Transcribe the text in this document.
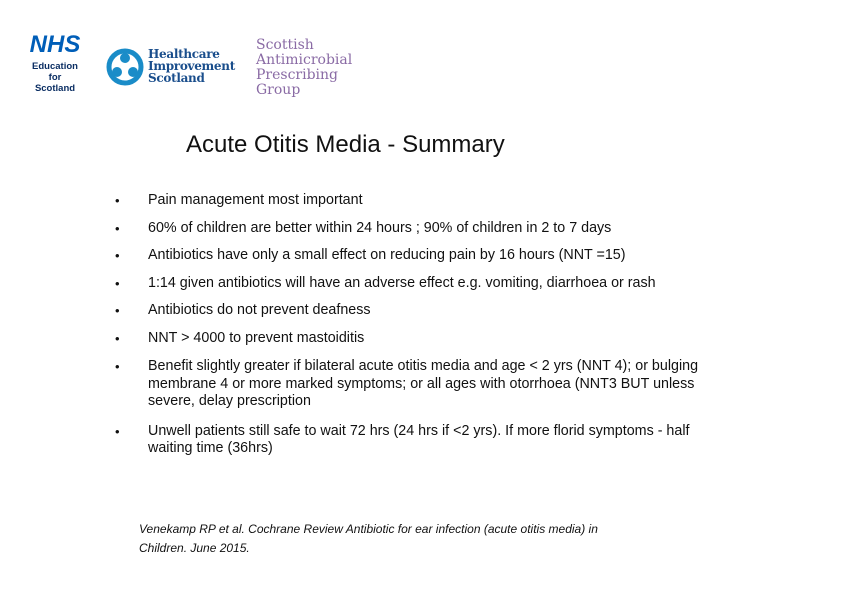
NHS
Education
for
Scotland
Healthcare
Improvement
Scotland
Scottish
Antimicrobial
Prescribing
Group
Acute Otitis Media - Summary
• Pain management most important
• 60% of children are better within 24 hours ; 90% of children in 2 to 7 days
• Antibiotics have only a small effect on reducing pain by 16 hours (NNT =15)
• 1:14 given antibiotics will have an adverse effect e.g. vomiting, diarrhoea or rash
• Antibiotics do not prevent deafness
• NNT > 4000 to prevent mastoiditis
• Benefit slightly greater if bilateral acute otitis media and age < 2 yrs (NNT 4); or bulging membrane 4 or more marked symptoms; or all ages with otorrhoea (NNT3 BUT unless severe, delay prescription
• Unwell patients still safe to wait 72 hrs (24 hrs if <2 yrs). If more florid symptoms - half waiting time (36hrs)
Venekamp RP et al. Cochrane Review Antibiotic for ear infection (acute otitis media) in Children. June 2015.
